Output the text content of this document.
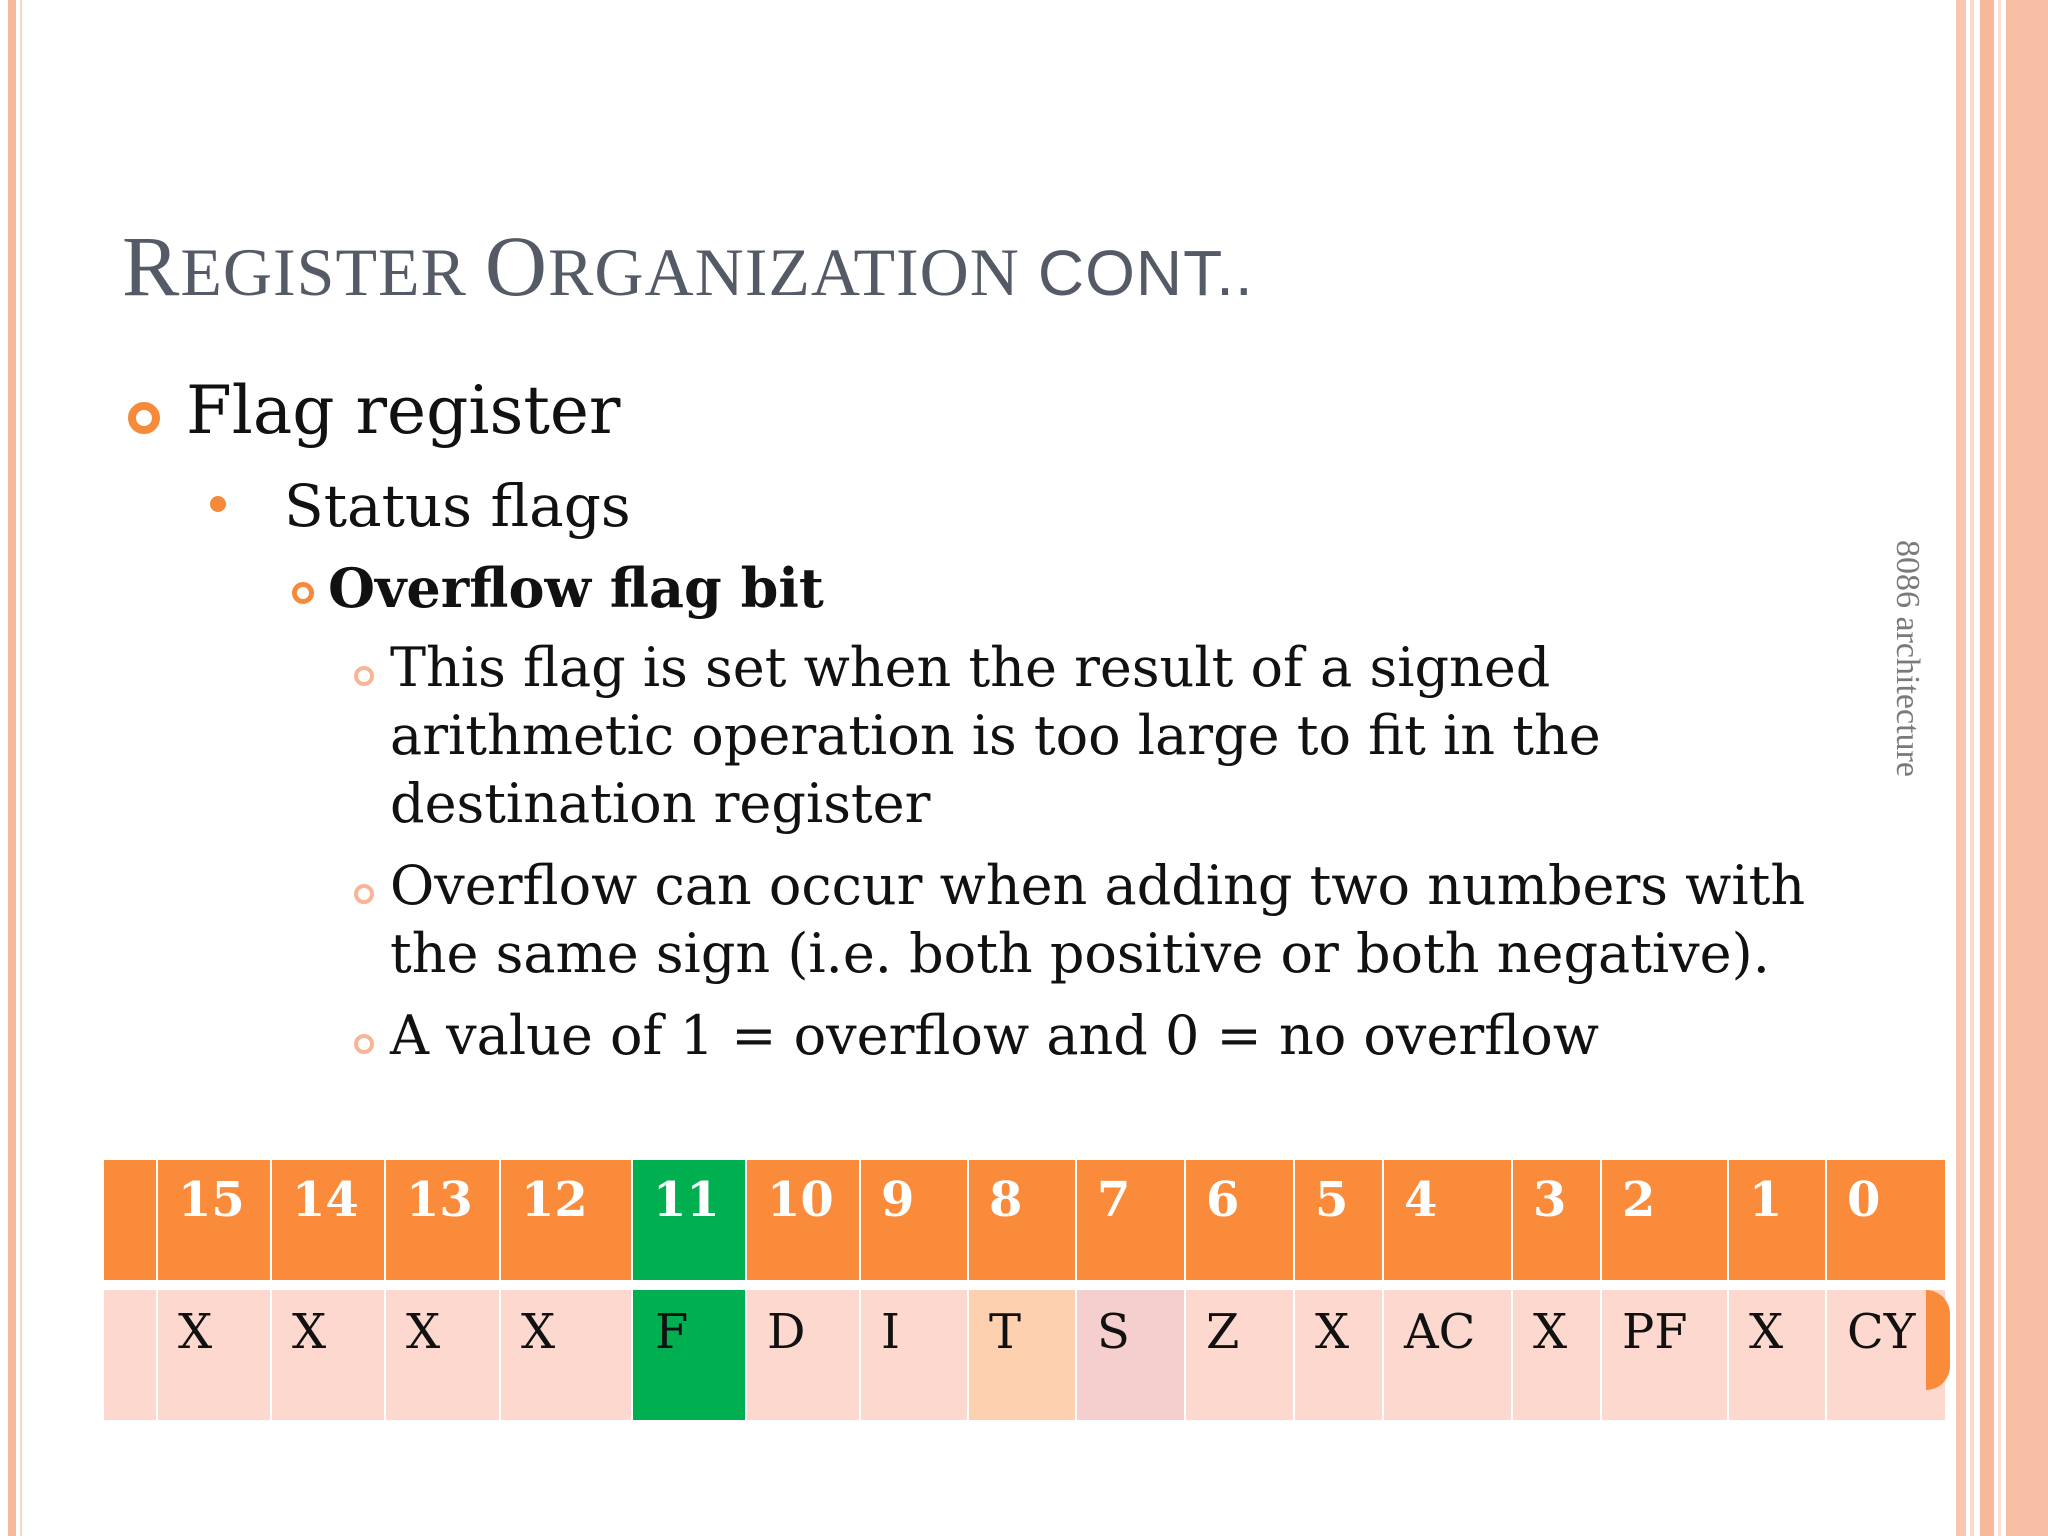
REGISTER ORGANIZATION CONT..
8086 architecture
Flag register
Status flags
Overflow flag bit
This flag is set when the result of a signed
arithmetic operation is too large to fit in the
destination register
Overflow can occur when adding two numbers with
the same sign (i.e. both positive or both negative).
A value of 1 = overflow and 0 = no overflow
15 14 13	12	11 10 9	8	7	6	5	4	3	2	1	0
X	X	X	X	F	D	I	T	S	Z	X	AC	X	PF	X	CY
